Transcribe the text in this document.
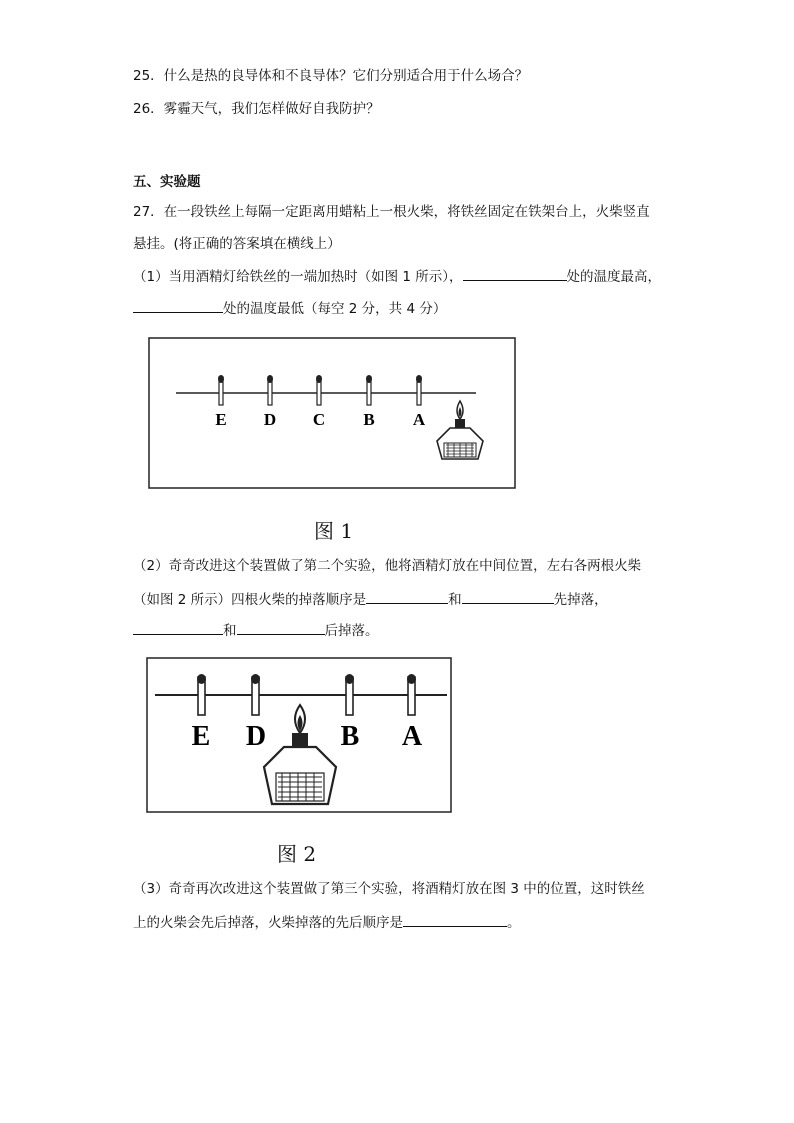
25．什么是热的良导体和不良导体？它们分别适合用于什么场合？
26．雾霾天气，我们怎样做好自我防护？
五、实验题
27．在一段铁丝上每隔一定距离用蜡粘上一根火柴，将铁丝固定在铁架台上，火柴竖直
悬挂。(将正确的答案填在横线上）
（1）当用酒精灯给铁丝的一端加热时（如图 1 所示），	处的温度最高，
处的温度最低（每空 2 分，共 4 分）
E D C B A
图 1
（2）奇奇改进这个装置做了第二个实验，他将酒精灯放在中间位置，左右各两根火柴
（如图 2 所示）四根火柴的掉落顺序是	和	先掉落，
和	后掉落。
E D	B A
图 2
（3）奇奇再次改进这个装置做了第三个实验，将酒精灯放在图 3 中的位置，这时铁丝
上的火柴会先后掉落，火柴掉落的先后顺序是	。
